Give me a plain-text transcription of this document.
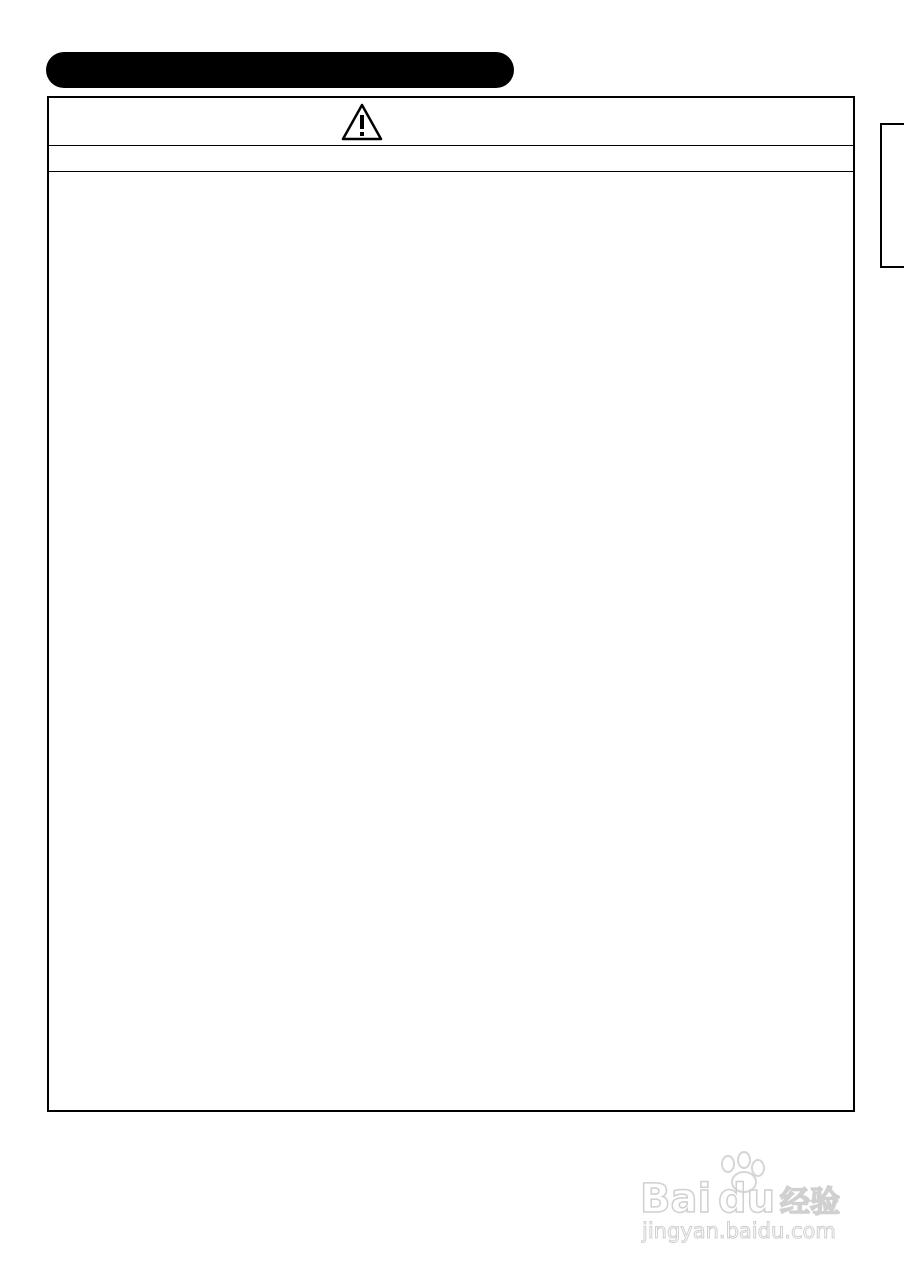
Bai du 经验
jingyan.baidu.com
